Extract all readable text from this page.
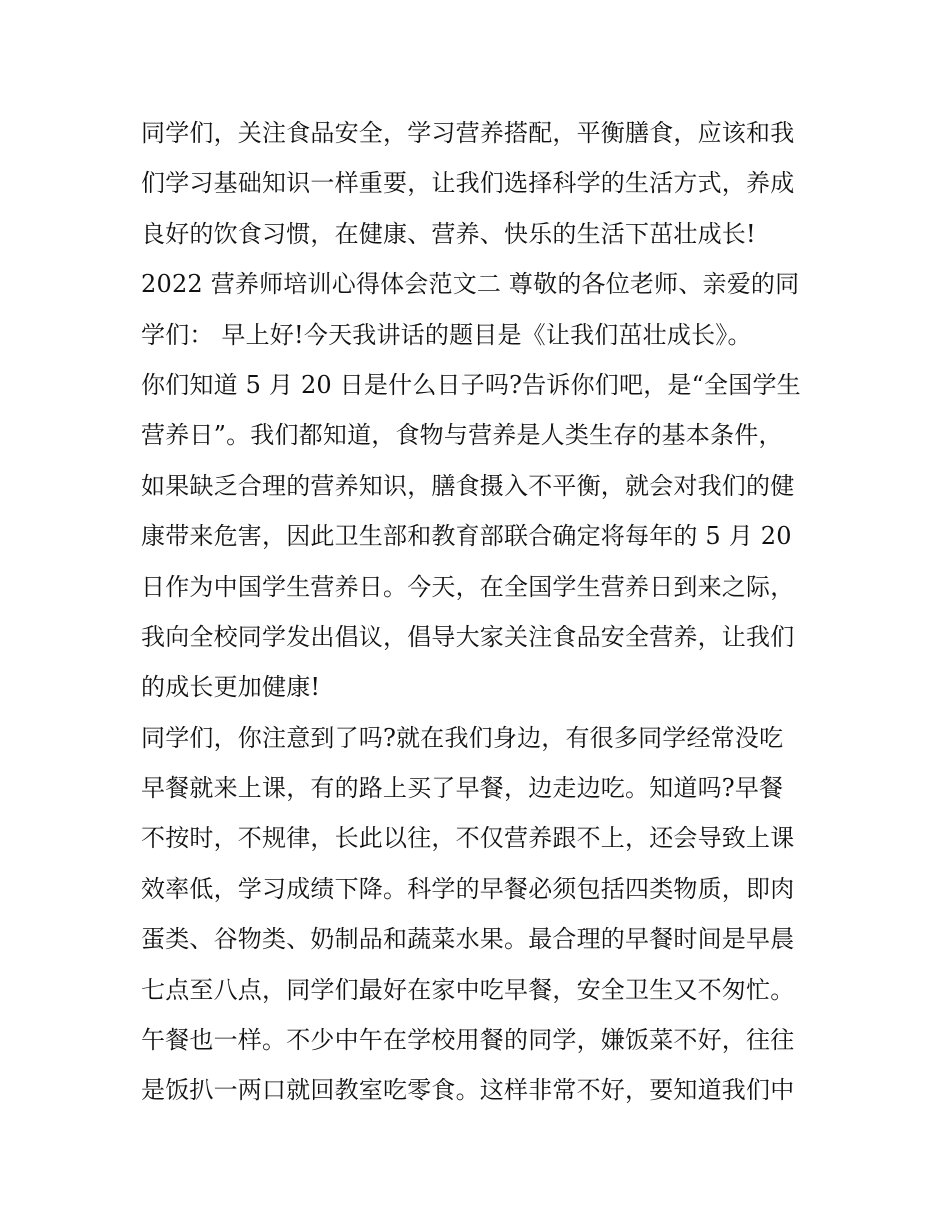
同学们，关注食品安全，学习营养搭配，平衡膳食，应该和我
们学习基础知识一样重要，让我们选择科学的生活方式，养成
良好的饮食习惯，在健康、营养、快乐的生活下茁壮成长!
2022 营养师培训心得体会范文二 尊敬的各位老师、亲爱的同
学们： 早上好!今天我讲话的题目是《让我们茁壮成长》。
你们知道 5 月 20 日是什么日子吗?告诉你们吧，是“全国学生
营养日”。我们都知道，食物与营养是人类生存的基本条件，
如果缺乏合理的营养知识，膳食摄入不平衡，就会对我们的健
康带来危害，因此卫生部和教育部联合确定将每年的 5 月 20
日作为中国学生营养日。今天，在全国学生营养日到来之际，
我向全校同学发出倡议，倡导大家关注食品安全营养，让我们
的成长更加健康!
同学们，你注意到了吗?就在我们身边，有很多同学经常没吃
早餐就来上课，有的路上买了早餐，边走边吃。知道吗?早餐
不按时，不规律，长此以往，不仅营养跟不上，还会导致上课
效率低，学习成绩下降。科学的早餐必须包括四类物质，即肉
蛋类、谷物类、奶制品和蔬菜水果。最合理的早餐时间是早晨
七点至八点，同学们最好在家中吃早餐，安全卫生又不匆忙。
午餐也一样。不少中午在学校用餐的同学，嫌饭菜不好，往往
是饭扒一两口就回教室吃零食。这样非常不好，要知道我们中
